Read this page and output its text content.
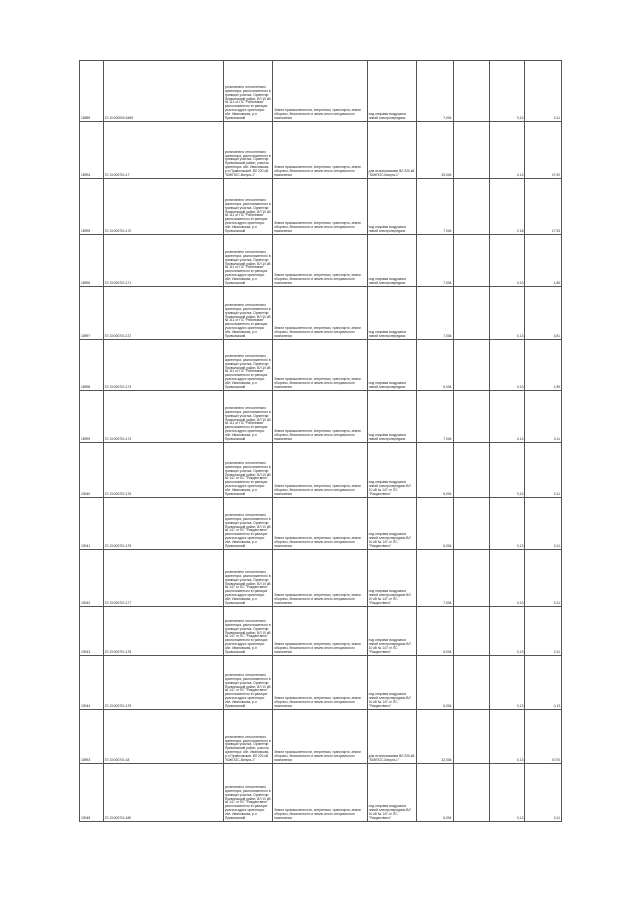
18989	37:10:000000:1669	установлено относительно ориентира, расположенного в границах участка. Ориентир: Приволжский район, ВЛ 10 кВ № 111 от ПС "Рябиновая" расположенного в границах участка адрес ориентира: обл. Ивановская, р-н Приволжский	Земли промышленности, энергетики, транспорта, земли обороны, безопасности и земли иного специального назначения	под опорами воздушных линий электропередачи	7,004		0,13	0,11
18994	37:13:000701:17	установлено относительно ориентира, расположенного в границах участка. Ориентир: Приволжский район, участок ориентира: обл. Ивановская, р-н Приволжский, ВЛ 220 кВ "ЮЖПОС-Вичуга-1"	Земли промышленности, энергетики, транспорта, земли обороны, безопасности и земли иного специального назначения	для использования ВЛ 220 кВ "ЮЖПОС-Вичуга-1"	33,004		0,13	47,00
18995	37:13:000701:170	установлено относительно ориентира, расположенного в границах участка. Ориентир: Приволжский район, ВЛ 10 кВ № 111 от ПС "Рябиновая" расположенного в границах участка адрес ориентира: обл. Ивановская, р-н Приволжский	Земли промышленности, энергетики, транспорта, земли обороны, безопасности и земли иного специального назначения	под опорами воздушных линий электропередачи	7,004		2,18	17,93
18996	37:13:000701:171	установлено относительно ориентира, расположенного в границах участка. Ориентир: Приволжский район, ВЛ 10 кВ № 111 от ПС "Рябиновая" расположенного в границах участка адрес ориентира: обл. Ивановская, р-н Приволжский	Земли промышленности, энергетики, транспорта, земли обороны, безопасности и земли иного специального назначения	под опорами воздушных линий электропередачи	7,004		0,13	1,65
18997	37:13:000701:172	установлено относительно ориентира, расположенного в границах участка. Ориентир: Приволжский район, ВЛ 10 кВ № 111 от ПС "Рябиновая" расположенного в границах участка адрес ориентира: обл. Ивановская, р-н Приволжский	Земли промышленности, энергетики, транспорта, земли обороны, безопасности и земли иного специального назначения	под опорами воздушных линий электропередачи	7,004		0,13	3,51
18998	37:13:000701:173	установлено относительно ориентира, расположенного в границах участка. Ориентир: Приволжский район, ВЛ 10 кВ № 111 от ПС "Рябиновая" расположенного в границах участка адрес ориентира: обл. Ивановская, р-н Приволжский	Земли промышленности, энергетики, транспорта, земли обороны, безопасности и земли иного специального назначения	под опорами воздушных линий электропередачи	5,004		0,13	1,95
18999	37:13:000701:174	установлено относительно ориентира, расположенного в границах участка. Ориентир: Приволжский район, ВЛ 10 кВ № 111 от ПС "Рябиновая" расположенного в границах участка адрес ориентира: обл. Ивановская, р-н Приволжский	Земли промышленности, энергетики, транспорта, земли обороны, безопасности и земли иного специального назначения	под опорами воздушных линий электропередачи	7,004		0,13	0,11
19040	37:13:000701:176	установлено относительно ориентира, расположенного в границах участка. Ориентир: Приволжский район, ВЛ 10 кВ № 147 от ПС "Рождествено" расположенного в границах участка адрес ориентира: обл. Ивановская, р-н Приволжский	Земли промышленности, энергетики, транспорта, земли обороны, безопасности и земли иного специального назначения	под опорами воздушных линий электропередачи ВЛ 10 кВ № 147 от ПС "Рождествено"	6,004		0,13	0,11
19041	37:13:000701:175	установлено относительно ориентира, расположенного в границах участка. Ориентир: Приволжский район, ВЛ 10 кВ № 147 от ПС "Рождествено" расположенного в границах участка адрес ориентира: обл. Ивановская, р-н Приволжский	Земли промышленности, энергетики, транспорта, земли обороны, безопасности и земли иного специального назначения	под опорами воздушных линий электропередачи ВЛ 10 кВ № 147 от ПС "Рождествено"	6,004		0,13	0,11
19042	37:13:000701:177	установлено относительно ориентира, расположенного в границах участка. Ориентир: Приволжский район, ВЛ 10 кВ № 147 от ПС "Рождествено" расположенного в границах участка адрес ориентира: обл. Ивановская, р-н Приволжский	Земли промышленности, энергетики, транспорта, земли обороны, безопасности и земли иного специального назначения	под опорами воздушных линий электропередачи ВЛ 10 кВ № 147 от ПС "Рождествено"	7,004		0,13	0,11
19043	37:13:000701:178	установлено относительно ориентира, расположенного в границах участка. Ориентир: Приволжский район, ВЛ 10 кВ № 147 от ПС "Рождествено" расположенного в границах участка адрес ориентира: обл. Ивановская, р-н Приволжский	Земли промышленности, энергетики, транспорта, земли обороны, безопасности и земли иного специального назначения	под опорами воздушных линий электропередачи ВЛ 10 кВ № 147 от ПС "Рождествено"	6,004		0,13	0,11
19044	37:13:000701:179	установлено относительно ориентира, расположенного в границах участка. Ориентир: Приволжский район, ВЛ 10 кВ № 147 от ПС "Рождествено" расположенного в границах участка адрес ориентира: обл. Ивановская, р-н Приволжский	Земли промышленности, энергетики, транспорта, земли обороны, безопасности и земли иного специального назначения	под опорами воздушных линий электропередачи ВЛ 10 кВ № 147 от ПС "Рождествено"	6,004		0,13	0,13
18993	37:13:000701:18	установлено относительно ориентира, расположенного в границах участка. Ориентир: Приволжский район, участок ориентира: обл. Ивановская, р-н Приволжский, ВЛ 220 кВ "ЮЖПОС-Вичуга-1"	Земли промышленности, энергетики, транспорта, земли обороны, безопасности и земли иного специального назначения	для использования ВЛ 220 кВ "ЮЖПОС-Вичуга-1"	32,004		0,13	47,00
19045	37:13:000701:180	установлено относительно ориентира, расположенного в границах участка. Ориентир: Приволжский район, ВЛ 10 кВ № 147 от ПС "Рождествено" расположенного в границах участка адрес ориентира: обл. Ивановская, р-н Приволжский	Земли промышленности, энергетики, транспорта, земли обороны, безопасности и земли иного специального назначения	под опорами воздушных линий электропередачи ВЛ 10 кВ № 147 от ПС "Рождествено"	6,004		0,13	0,11
